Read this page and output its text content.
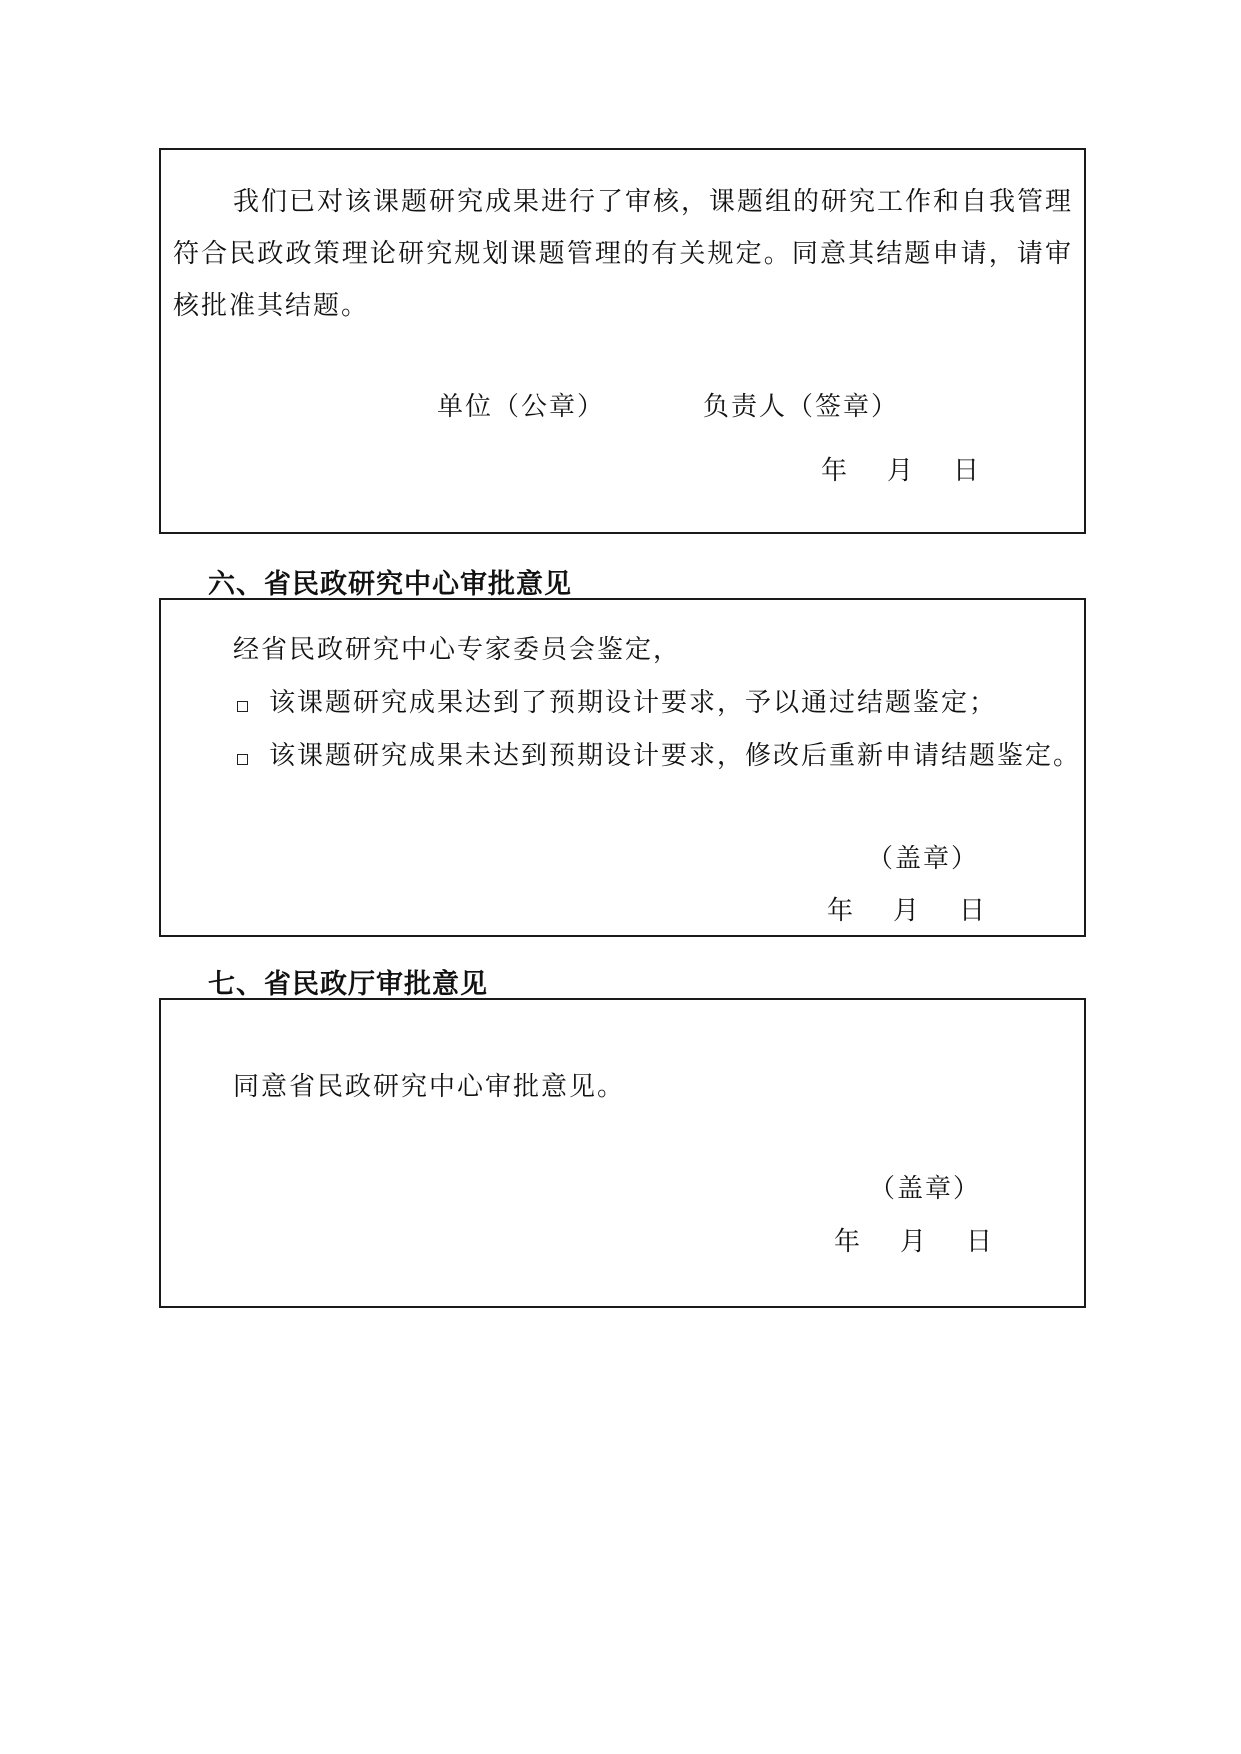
我们已对该课题研究成果进行了审核，课题组的研究工作和自我管理符合民政政策理论研究规划课题管理的有关规定。同意其结题申请，请审核批准其结题。
单位（公章）	负责人（签章）
年 月 日
六、省民政研究中心审批意见
经省民政研究中心专家委员会鉴定，
该课题研究成果达到了预期设计要求，予以通过结题鉴定；
该课题研究成果未达到预期设计要求，修改后重新申请结题鉴定。
（盖章）
年 月 日
七、省民政厅审批意见
同意省民政研究中心审批意见。
（盖章）
年 月 日
